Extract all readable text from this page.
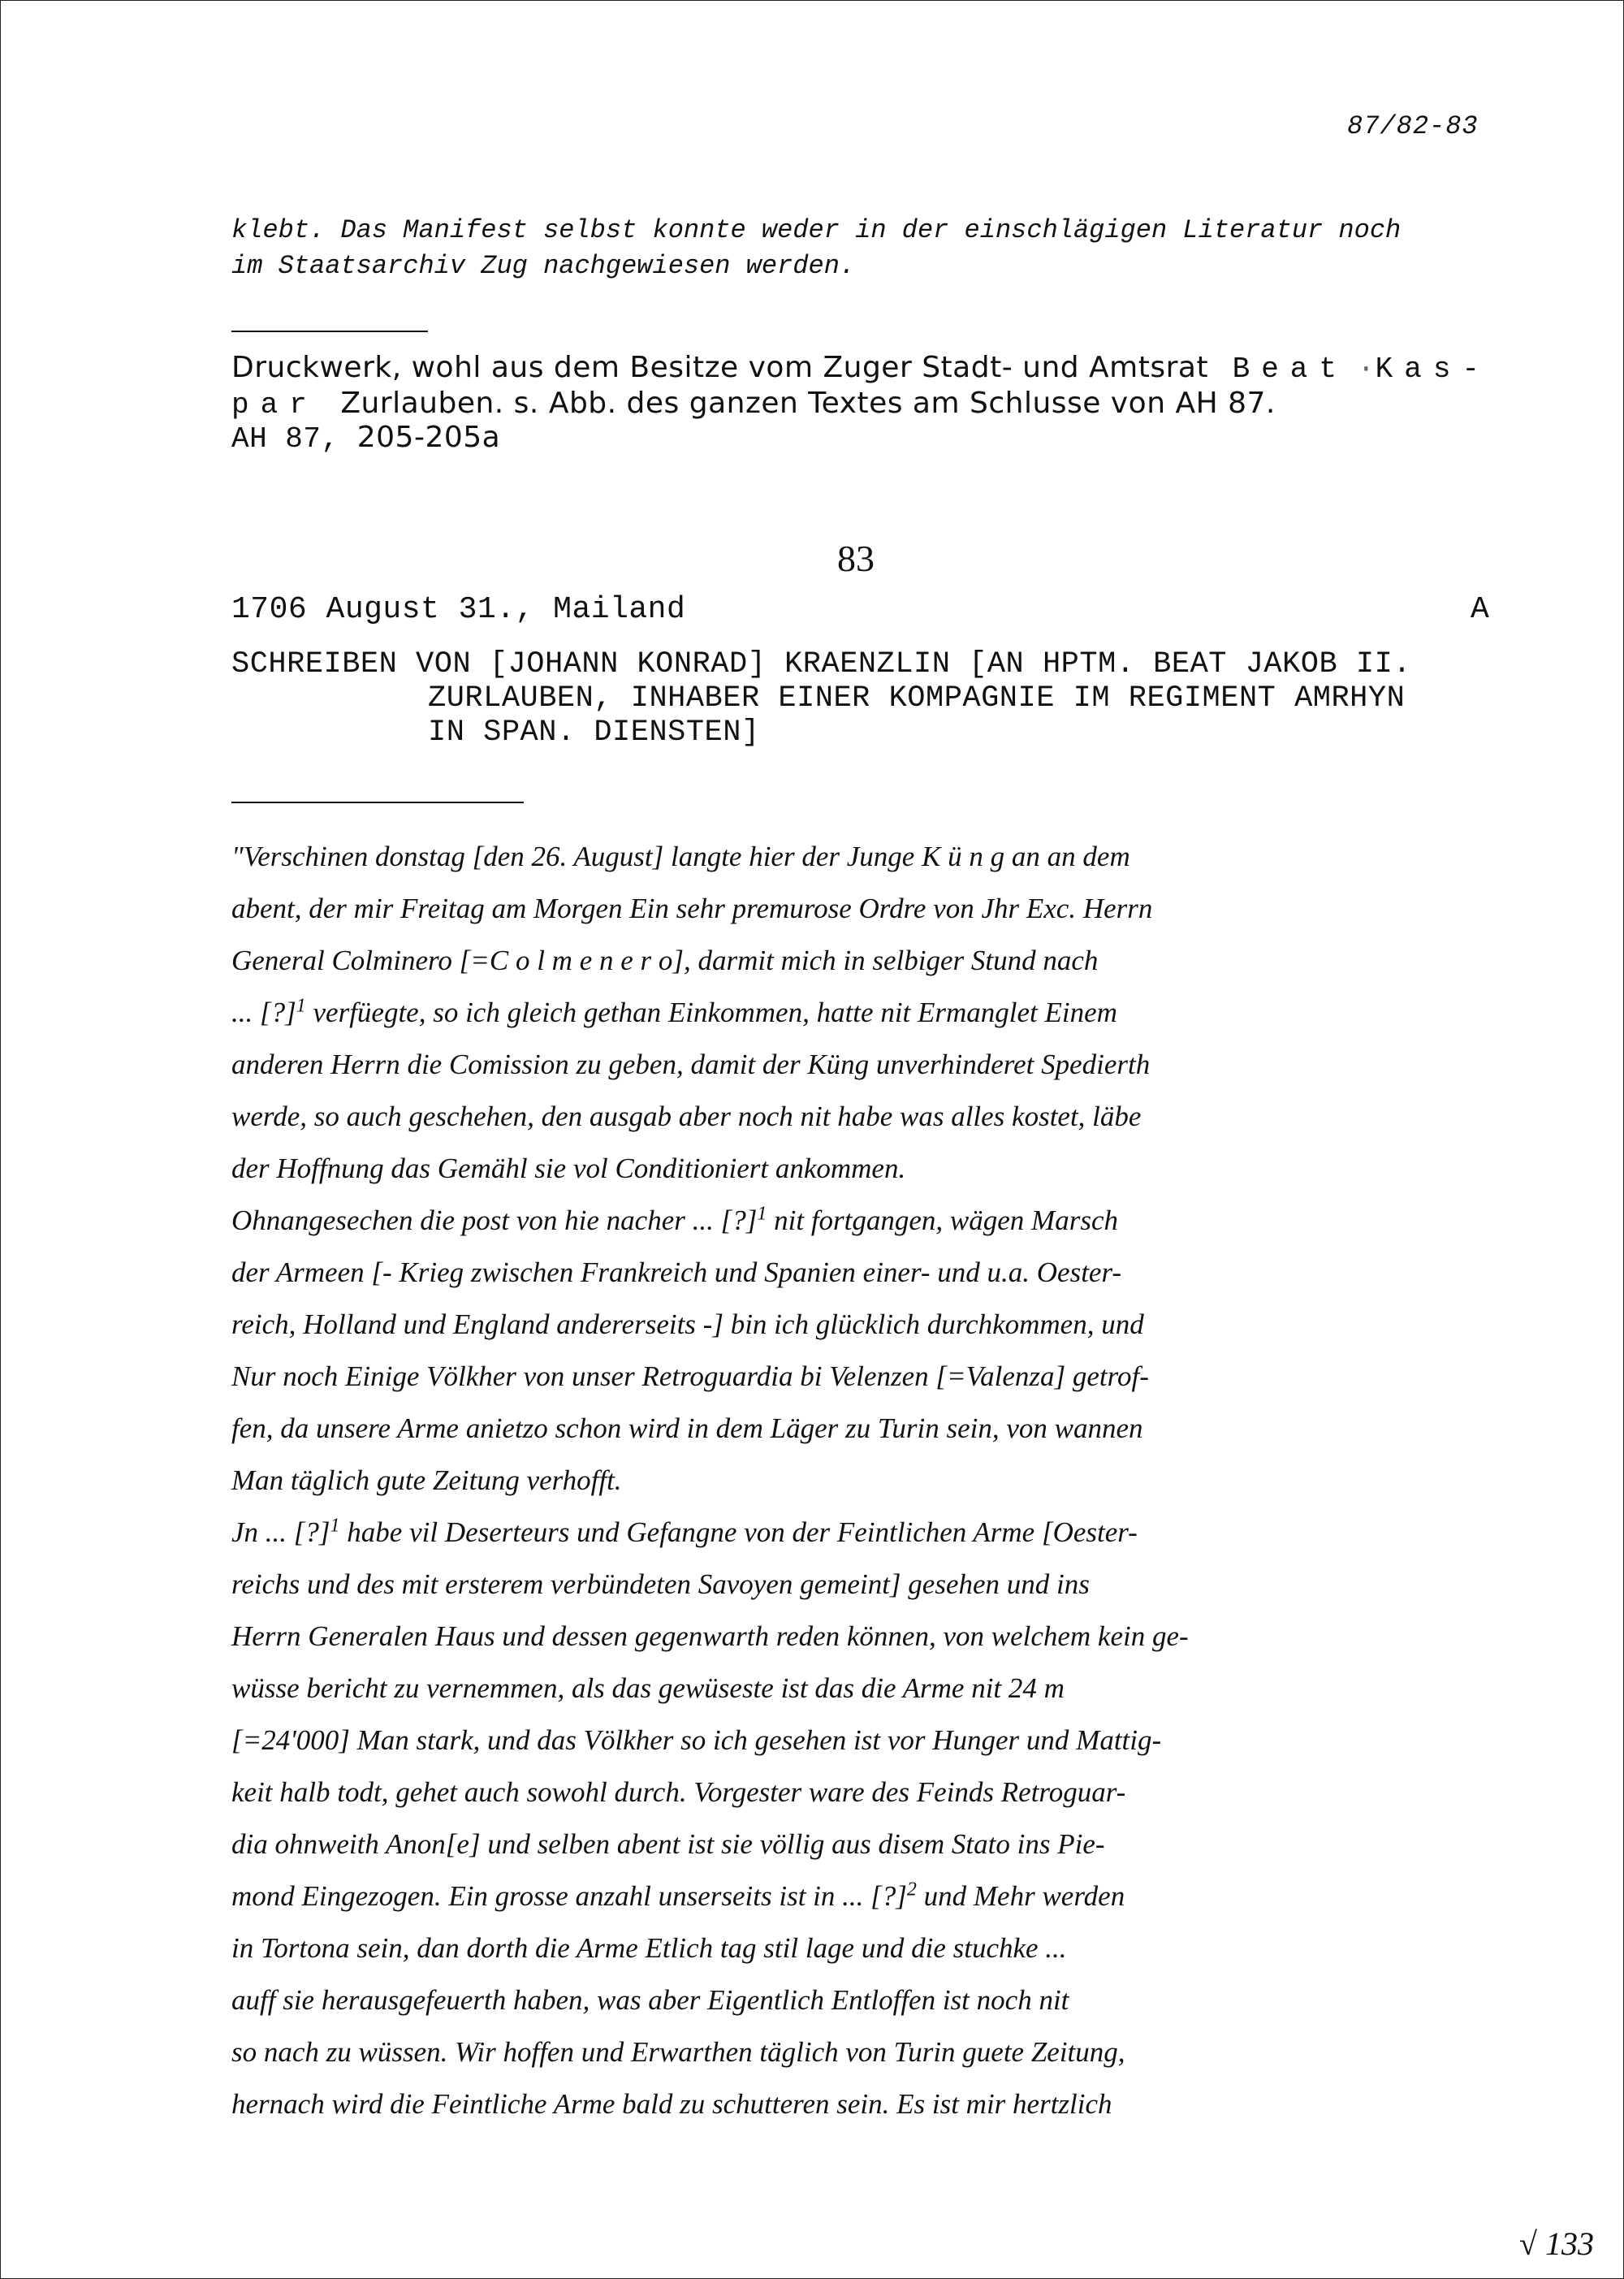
87/82-83
klebt. Das Manifest selbst konnte weder in der einschlägigen Literatur noch
im Staatsarchiv Zug nachgewiesen werden.
Druckwerk, wohl aus dem Besitze vom Zuger Stadt- und Amtsrat Beat ·Kas-
par Zurlauben. s. Abb. des ganzen Textes am Schlusse von AH 87.
AH 87, 205-205a
83
1706 August 31., Mailand	A
SCHREIBEN VON [JOHANN KONRAD] KRAENZLIN [AN HPTM. BEAT JAKOB II.
ZURLAUBEN, INHABER EINER KOMPAGNIE IM REGIMENT AMRHYN
IN SPAN. DIENSTEN]
"Verschinen donstag [den 26. August] langte hier der Junge K ü n g an an dem
abent, der mir Freitag am Morgen Ein sehr premurose Ordre von Jhr Exc. Herrn
General Colminero [=C o l m e n e r o], darmit mich in selbiger Stund nach
... [?]$^1$ verfüegte, so ich gleich gethan Einkommen, hatte nit Ermanglet Einem
anderen Herrn die Comission zu geben, damit der Küng unverhinderet Spedierth
werde, so auch geschehen, den ausgab aber noch nit habe was alles kostet, läbe
der Hoffnung das Gemähl sie vol Conditioniert ankommen.
Ohnangesechen die post von hie nacher ... [?]$^1$ nit fortgangen, wägen Marsch
der Armeen [- Krieg zwischen Frankreich und Spanien einer- und u.a. Oester-
reich, Holland und England andererseits -] bin ich glücklich durchkommen, und
Nur noch Einige Völkher von unser Retroguardia bi Velenzen [=Valenza] getrof-
fen, da unsere Arme anietzo schon wird in dem Läger zu Turin sein, von wannen
Man täglich gute Zeitung verhofft.
Jn ... [?]$^1$ habe vil Deserteurs und Gefangne von der Feintlichen Arme [Oester-
reichs und des mit ersterem verbündeten Savoyen gemeint] gesehen und ins
Herrn Generalen Haus und dessen gegenwarth reden können, von welchem kein ge-
wüsse bericht zu vernemmen, als das gewüseste ist das die Arme nit 24 m
[=24'000] Man stark, und das Völkher so ich gesehen ist vor Hunger und Mattig-
keit halb todt, gehet auch sowohl durch. Vorgester ware des Feinds Retroguar-
dia ohnweith Anon[e] und selben abent ist sie völlig aus disem Stato ins Pie-
mond Eingezogen. Ein grosse anzahl unserseits ist in ... [?]$^2$ und Mehr werden
in Tortona sein, dan dorth die Arme Etlich tag stil lage und die stuchke ...
auff sie herausgefeuerth haben, was aber Eigentlich Entloffen ist noch nit
so nach zu wüssen. Wir hoffen und Erwarthen täglich von Turin guete Zeitung,
hernach wird die Feintliche Arme bald zu schutteren sein. Es ist mir hertzlich
√ 133
